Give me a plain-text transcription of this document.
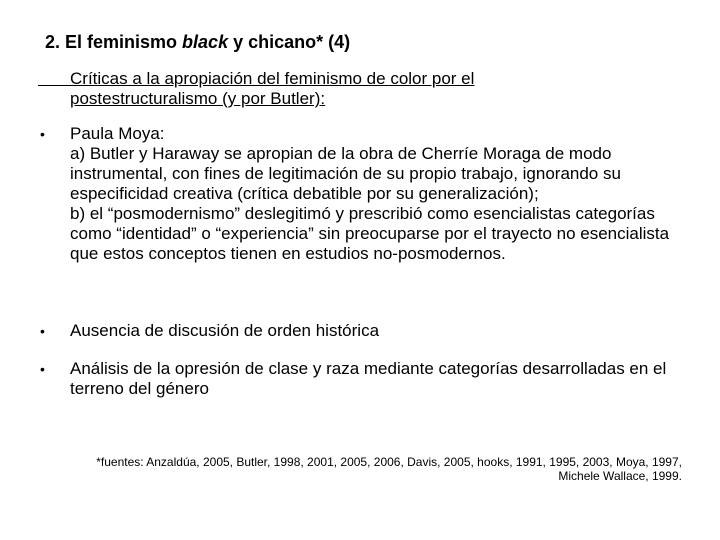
2. El feminismo black y chicano* (4)
Críticas a la apropiación del feminismo de color por el postestructuralismo (y por Butler):
• Paula Moya:
a) Butler y Haraway se apropian de la obra de Cherríe Moraga de modo instrumental, con fines de legitimación de su propio trabajo, ignorando su especificidad creativa (crítica debatible por su generalización);
b) el “posmodernismo” deslegitimó y prescribió como esencialistas categorías como “identidad” o “experiencia” sin preocuparse por el trayecto no esencialista que estos conceptos tienen en estudios no-posmodernos.
• Ausencia de discusión de orden histórica
• Análisis de la opresión de clase y raza mediante categorías desarrolladas en el terreno del género
*fuentes: Anzaldúa, 2005, Butler, 1998, 2001, 2005, 2006, Davis, 2005, hooks, 1991, 1995, 2003, Moya, 1997, Michele Wallace, 1999.
